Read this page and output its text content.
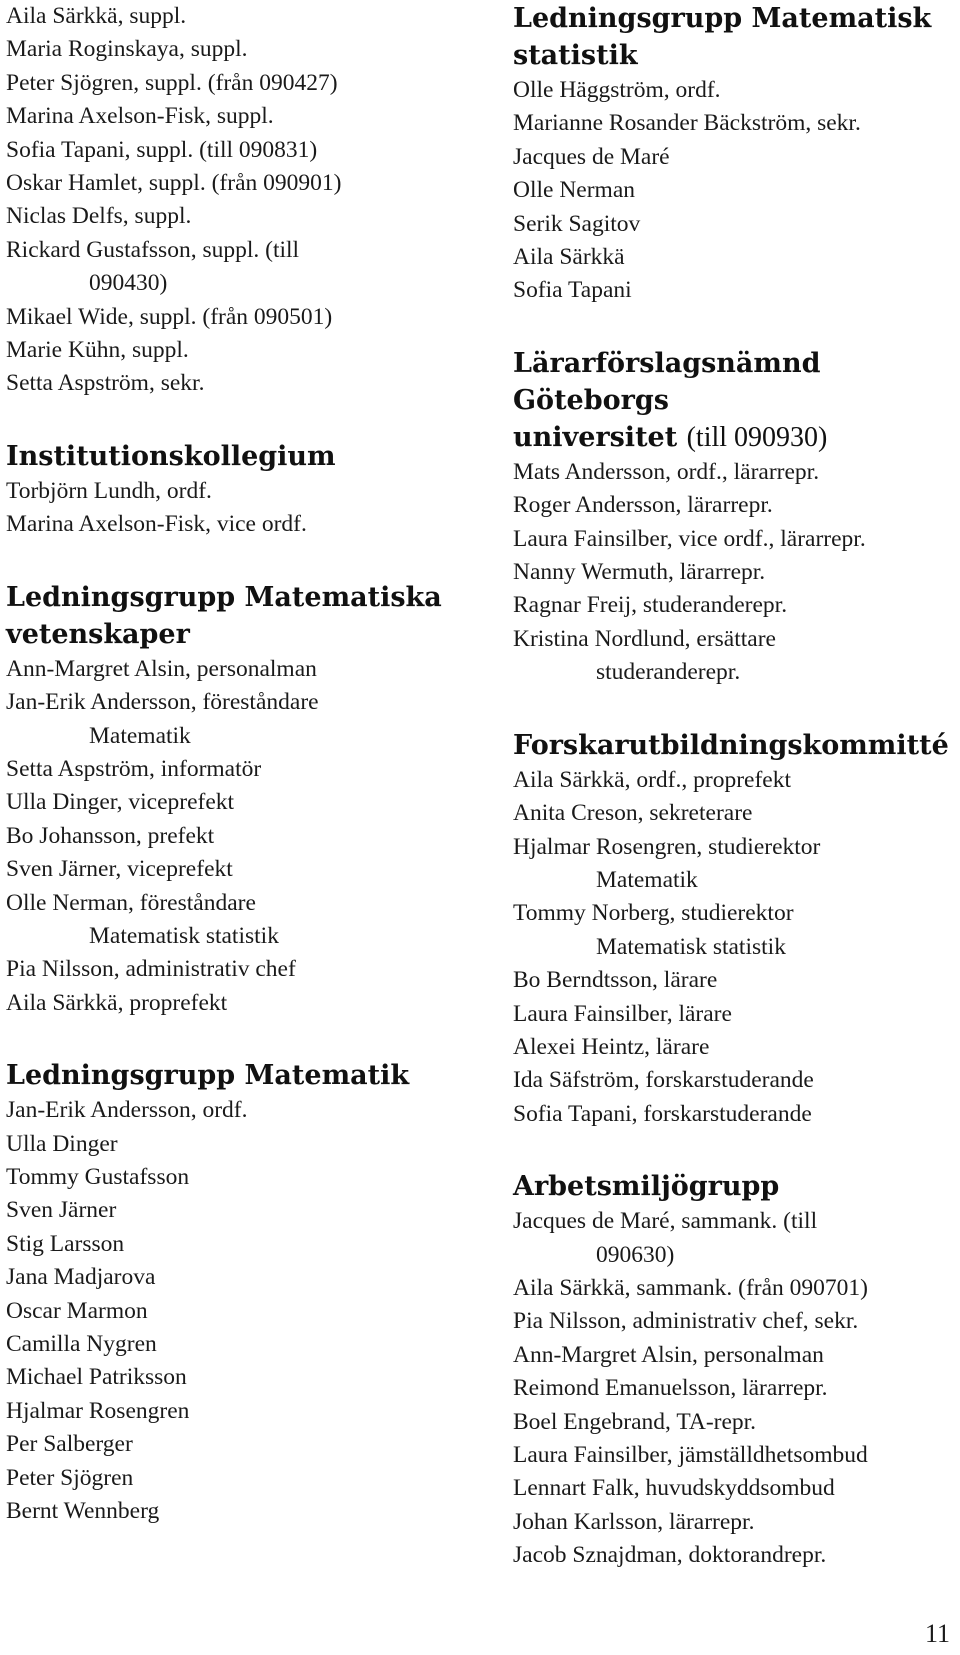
Aila Särkkä, suppl.
Maria Roginskaya, suppl.
Peter Sjögren, suppl. (från 090427)
Marina Axelson-Fisk, suppl.
Sofia Tapani, suppl. (till 090831)
Oskar Hamlet, suppl. (från 090901)
Niclas Delfs, suppl.
Rickard Gustafsson, suppl. (till
090430)
Mikael Wide, suppl. (från 090501)
Marie Kühn, suppl.
Setta Aspström, sekr.
Institutionskollegium
Torbjörn Lundh, ordf.
Marina Axelson-Fisk, vice ordf.
Ledningsgrupp Matematiska
vetenskaper
Ann-Margret Alsin, personalman
Jan-Erik Andersson, föreståndare
Matematik
Setta Aspström, informatör
Ulla Dinger, viceprefekt
Bo Johansson, prefekt
Sven Järner, viceprefekt
Olle Nerman, föreståndare
Matematisk statistik
Pia Nilsson, administrativ chef
Aila Särkkä, proprefekt
Ledningsgrupp Matematik
Jan-Erik Andersson, ordf.
Ulla Dinger
Tommy Gustafsson
Sven Järner
Stig Larsson
Jana Madjarova
Oscar Marmon
Camilla Nygren
Michael Patriksson
Hjalmar Rosengren
Per Salberger
Peter Sjögren
Bernt Wennberg
Ledningsgrupp Matematisk
statistik
Olle Häggström, ordf.
Marianne Rosander Bäckström, sekr.
Jacques de Maré
Olle Nerman
Serik Sagitov
Aila Särkkä
Sofia Tapani
Lärarförslagsnämnd Göteborgs
universitet (till 090930)
Mats Andersson, ordf., lärarrepr.
Roger Andersson, lärarrepr.
Laura Fainsilber, vice ordf., lärarrepr.
Nanny Wermuth, lärarrepr.
Ragnar Freij, studeranderepr.
Kristina Nordlund, ersättare
studeranderepr.
Forskarutbildningskommitté
Aila Särkkä, ordf., proprefekt
Anita Creson, sekreterare
Hjalmar Rosengren, studierektor
Matematik
Tommy Norberg, studierektor
Matematisk statistik
Bo Berndtsson, lärare
Laura Fainsilber, lärare
Alexei Heintz, lärare
Ida Säfström, forskarstuderande
Sofia Tapani, forskarstuderande
Arbetsmiljögrupp
Jacques de Maré, sammank. (till
090630)
Aila Särkkä, sammank. (från 090701)
Pia Nilsson, administrativ chef, sekr.
Ann-Margret Alsin, personalman
Reimond Emanuelsson, lärarrepr.
Boel Engebrand, TA-repr.
Laura Fainsilber, jämställdhetsombud
Lennart Falk, huvudskyddsombud
Johan Karlsson, lärarrepr.
Jacob Sznajdman, doktorandrepr.
11
